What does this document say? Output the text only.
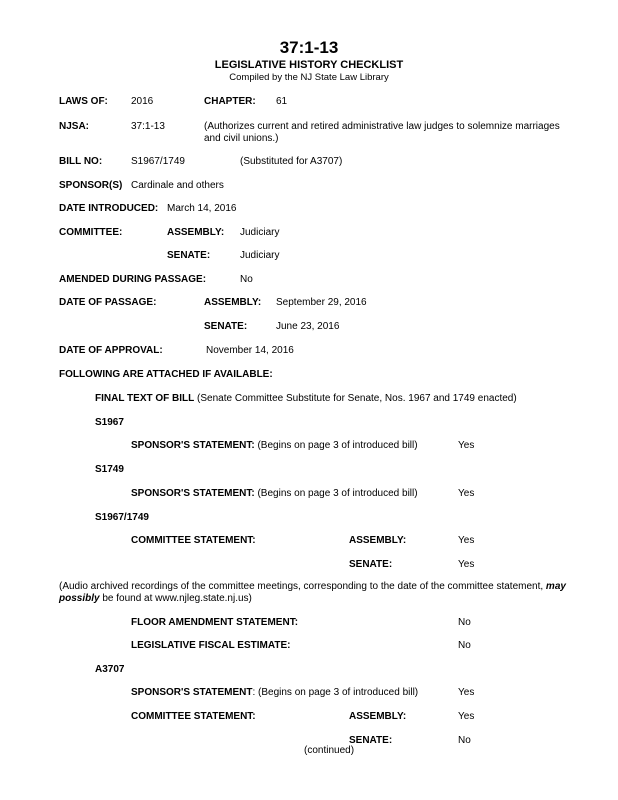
37:1-13
LEGISLATIVE HISTORY CHECKLIST
Compiled by the NJ State Law Library
LAWS OF: 2016	CHAPTER: 61
NJSA:	37:1-13	(Authorizes current and retired administrative law judges to solemnize marriages and civil unions.)
BILL NO:	S1967/1749	(Substituted for A3707)
SPONSOR(S) Cardinale and others
DATE INTRODUCED: March 14, 2016
COMMITTEE:	ASSEMBLY: Judiciary
SENATE:	Judiciary
AMENDED DURING PASSAGE:	No
DATE OF PASSAGE:	ASSEMBLY: September 29, 2016
SENATE:	June 23, 2016
DATE OF APPROVAL:	November 14, 2016
FOLLOWING ARE ATTACHED IF AVAILABLE:
FINAL TEXT OF BILL (Senate Committee Substitute for Senate, Nos. 1967 and 1749 enacted)
S1967
SPONSOR'S STATEMENT: (Begins on page 3 of introduced bill)	Yes
S1749
SPONSOR'S STATEMENT: (Begins on page 3 of introduced bill)	Yes
S1967/1749
COMMITTEE STATEMENT:	ASSEMBLY:	Yes
SENATE:	Yes
(Audio archived recordings of the committee meetings, corresponding to the date of the committee statement, may possibly be found at www.njleg.state.nj.us)
FLOOR AMENDMENT STATEMENT:	No
LEGISLATIVE FISCAL ESTIMATE:	No
A3707
SPONSOR'S STATEMENT: (Begins on page 3 of introduced bill)	Yes
COMMITTEE STATEMENT:	ASSEMBLY:	Yes
SENATE:	No
(continued)
